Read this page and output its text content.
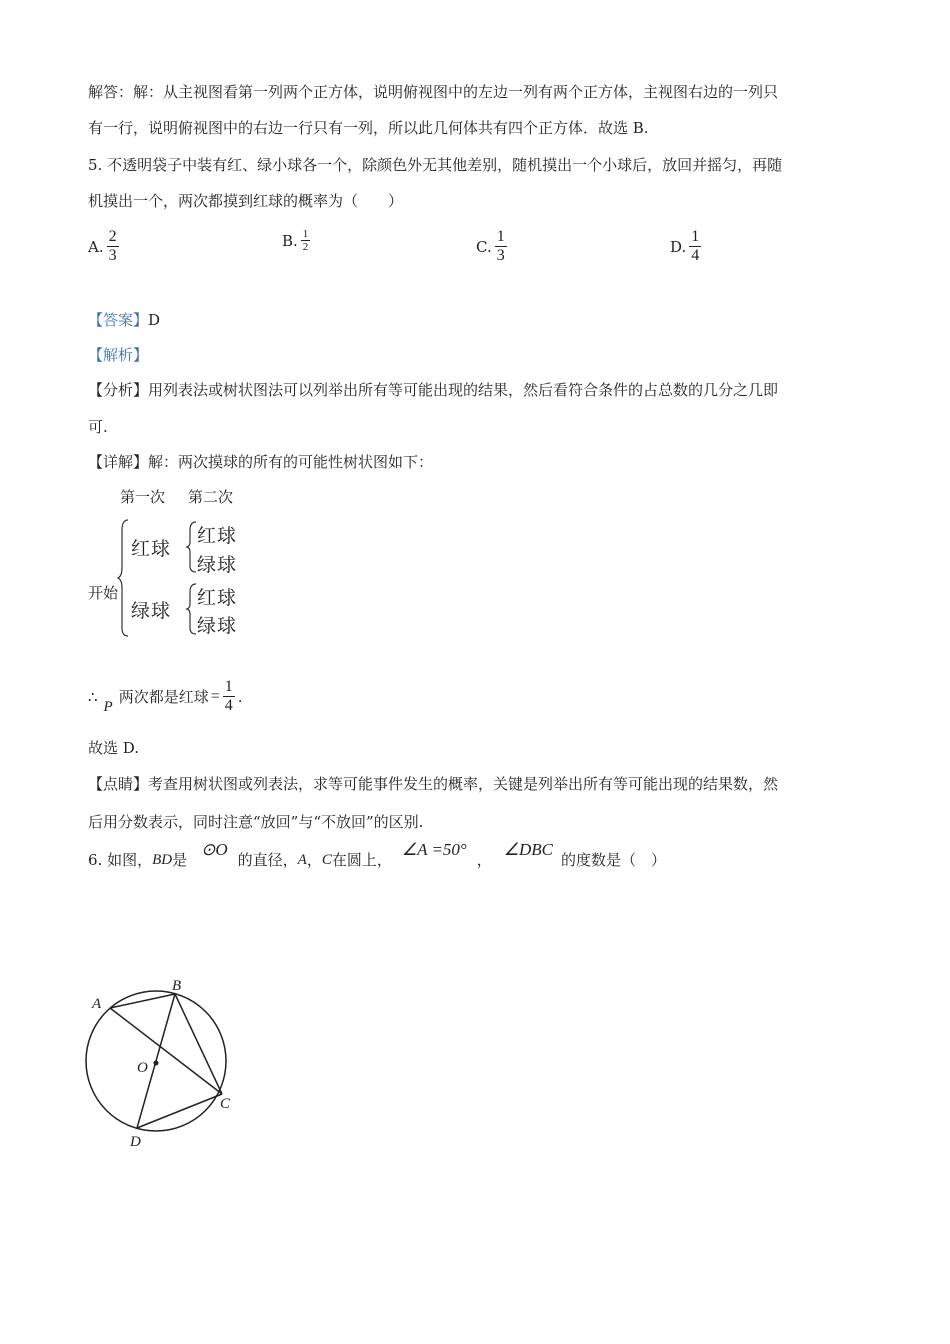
解答：解：从主视图看第一列两个正方体，说明俯视图中的左边一列有两个正方体，主视图右边的一列只
有一行，说明俯视图中的右边一行只有一列，所以此几何体共有四个正方体．故选 B.
5. 不透明袋子中装有红、绿小球各一个，除颜色外无其他差别，随机摸出一个小球后，放回并摇匀，再随
机摸出一个，两次都摸到红球的概率为（　　）
A. $\frac{2}{3}$	B. $\frac{1}{2}$	C. $\frac{1}{3}$	D. $\frac{1}{4}$
【答案】D
【解析】
【分析】用列表法或树状图法可以列举出所有等可能出现的结果，然后看符合条件的占总数的几分之几即
可.
【详解】解：两次摸球的所有的可能性树状图如下：
第一次 第二次
开始
红球
绿球
红球
绿球
红球
绿球
∴
P
两次都是红球 = $\frac{1}{4}$ .
故选 D.
【点睛】考查用树状图或列表法，求等可能事件发生的概率，关键是列举出所有等可能出现的结果数，然
后用分数表示，同时注意“放回”与“不放回”的区别.
6. 如图， BD 是
⊙O
的直径， A ， C 在圆上，
∠A =50°
，
∠DBC
的度数是（　）
A
B
C
D
O
